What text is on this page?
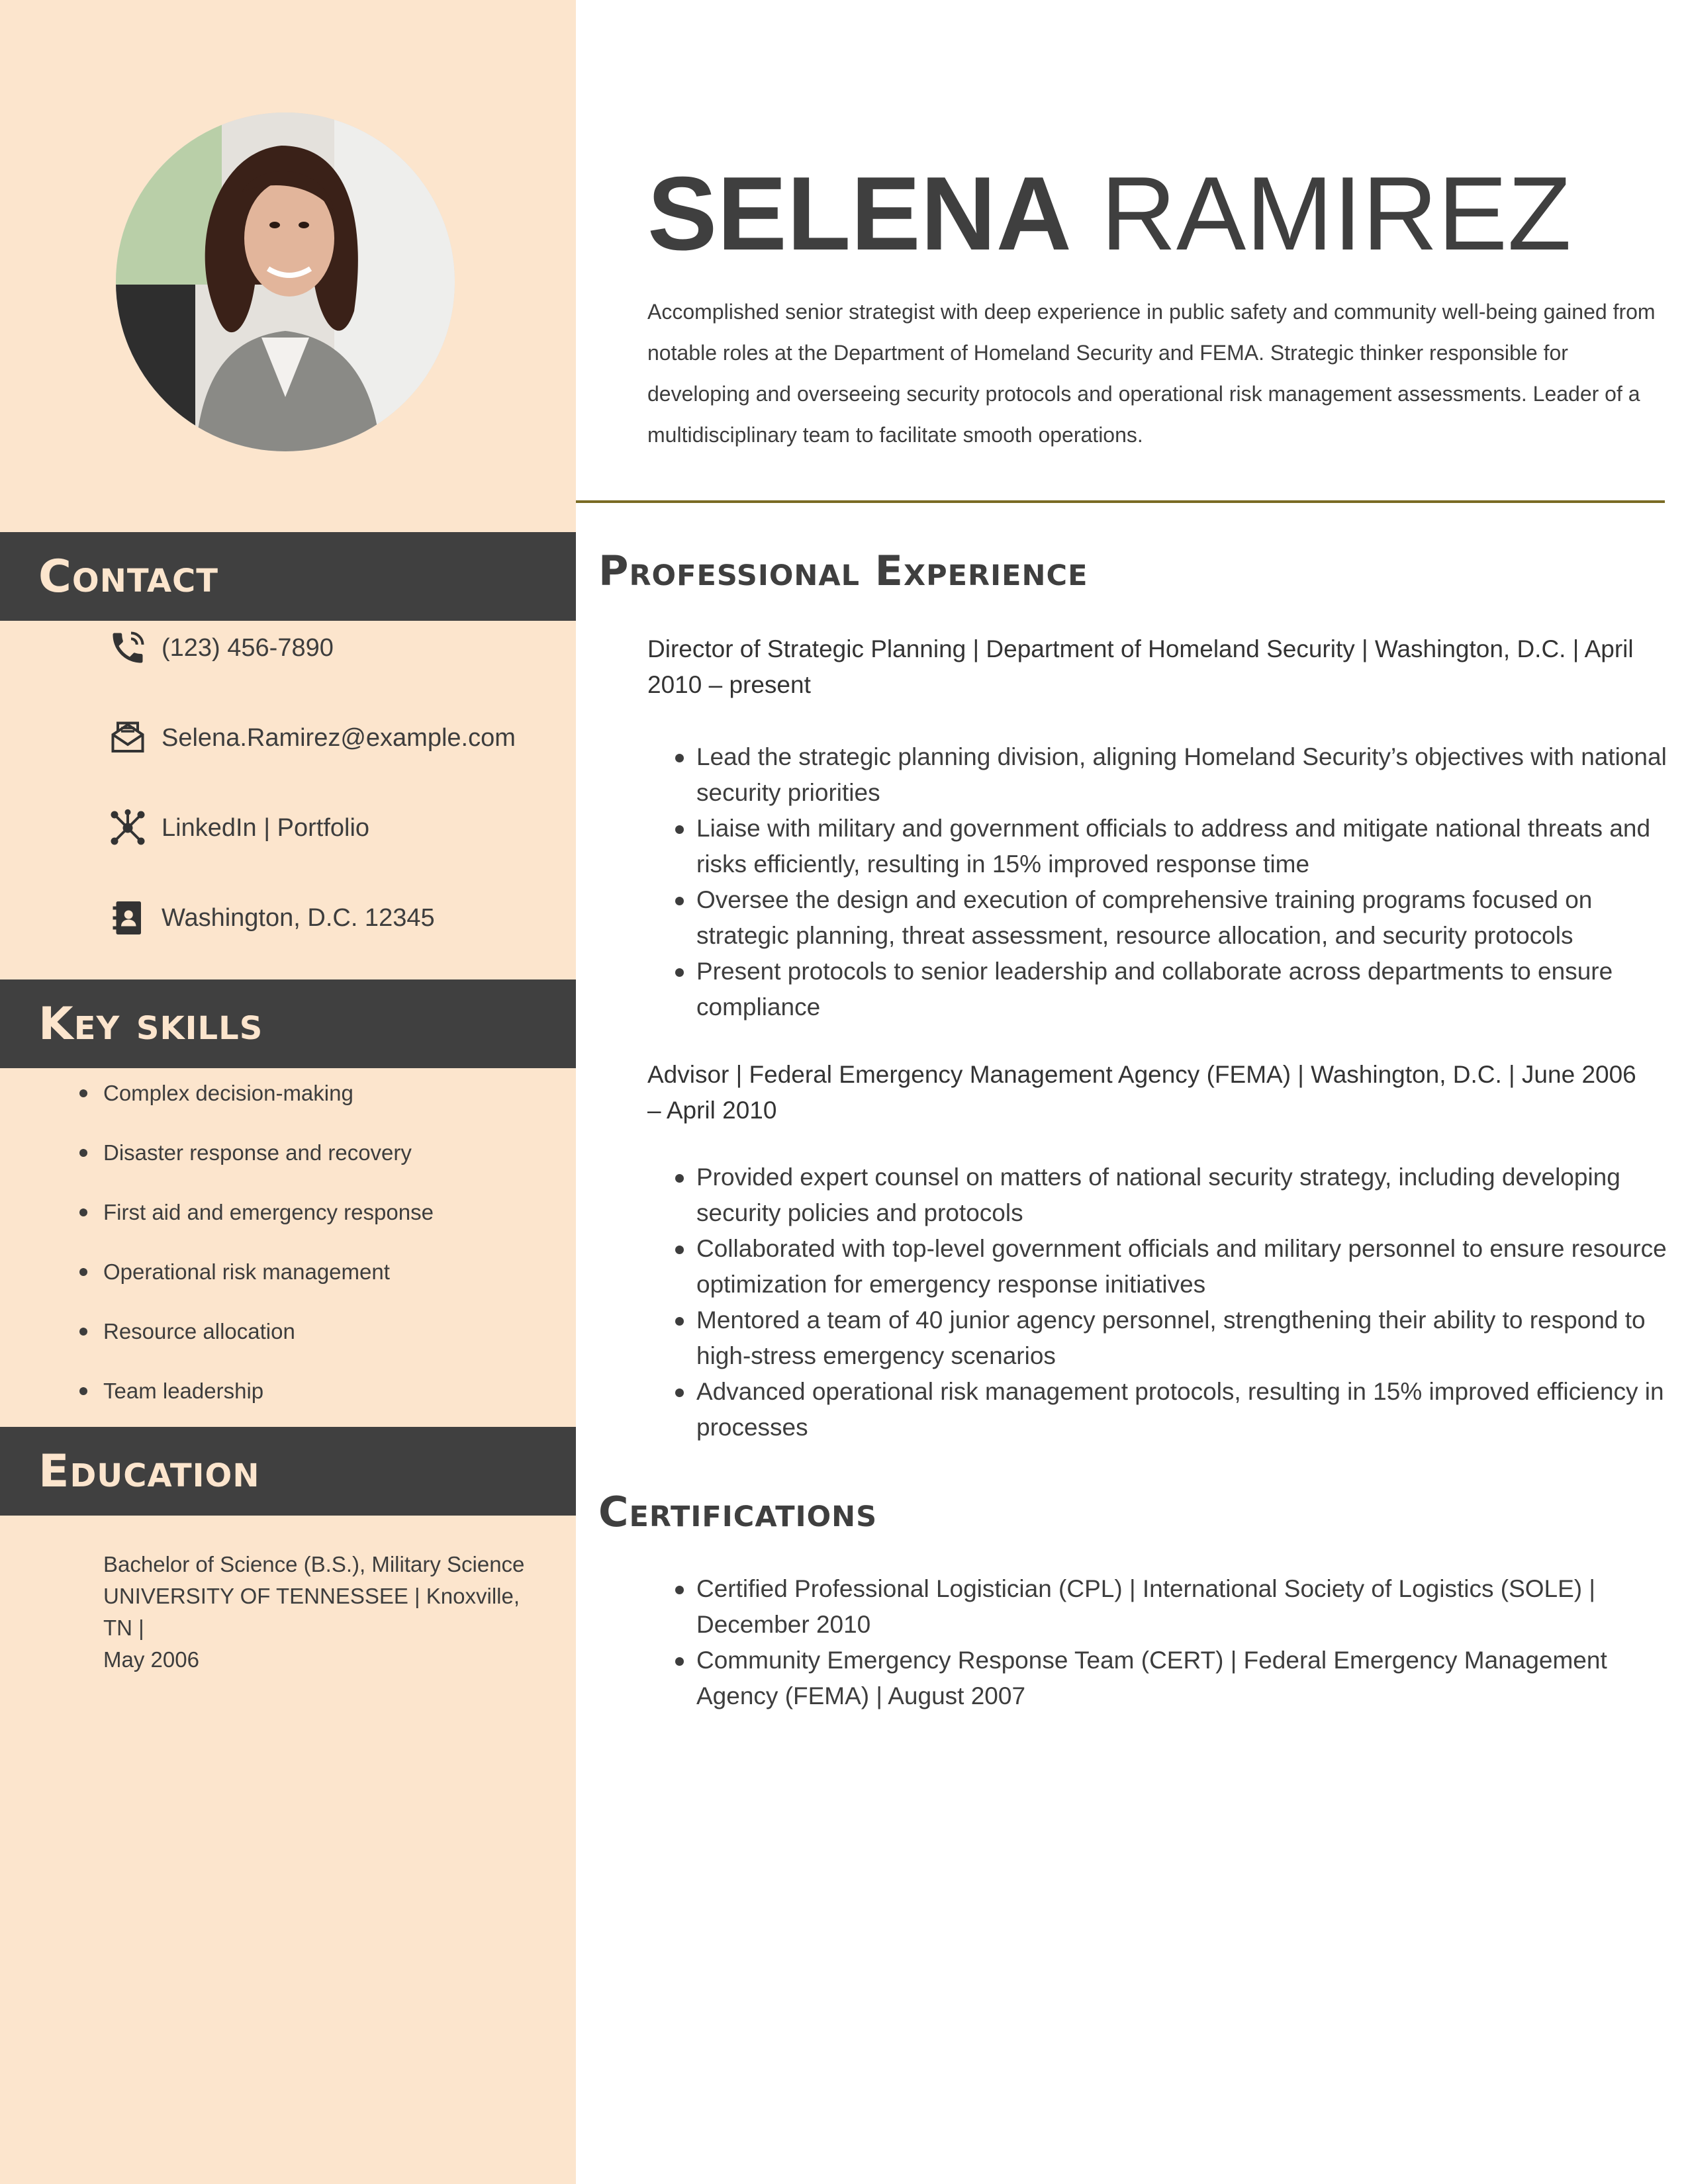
Contact
(123) 456-7890
Selena.Ramirez@example.com
LinkedIn | Portfolio
Washington, D.C. 12345
Key skills
Complex decision-making
Disaster response and recovery
First aid and emergency response
Operational risk management
Resource allocation
Team leadership
Education
Bachelor of Science (B.S.), Military Science
UNIVERSITY OF TENNESSEE | Knoxville, TN |
May 2006
SELENA RAMIREZ
Accomplished senior strategist with deep experience in public safety and community well-being gained from notable roles at the Department of Homeland Security and FEMA. Strategic thinker responsible for developing and overseeing security protocols and operational risk management assessments. Leader of a multidisciplinary team to facilitate smooth operations.
Professional Experience
Director of Strategic Planning | Department of Homeland Security | Washington, D.C. | April 2010 – present
Lead the strategic planning division, aligning Homeland Security’s objectives with national security priorities
Liaise with military and government officials to address and mitigate national threats and risks efficiently, resulting in 15% improved response time
Oversee the design and execution of comprehensive training programs focused on strategic planning, threat assessment, resource allocation, and security protocols
Present protocols to senior leadership and collaborate across departments to ensure compliance
Advisor | Federal Emergency Management Agency (FEMA) | Washington, D.C. | June 2006 – April 2010
Provided expert counsel on matters of national security strategy, including developing security policies and protocols
Collaborated with top-level government officials and military personnel to ensure resource optimization for emergency response initiatives
Mentored a team of 40 junior agency personnel, strengthening their ability to respond to high-stress emergency scenarios
Advanced operational risk management protocols, resulting in 15% improved efficiency in processes
Certifications
Certified Professional Logistician (CPL) | International Society of Logistics (SOLE) | December 2010
Community Emergency Response Team (CERT) | Federal Emergency Management Agency (FEMA) | August 2007
